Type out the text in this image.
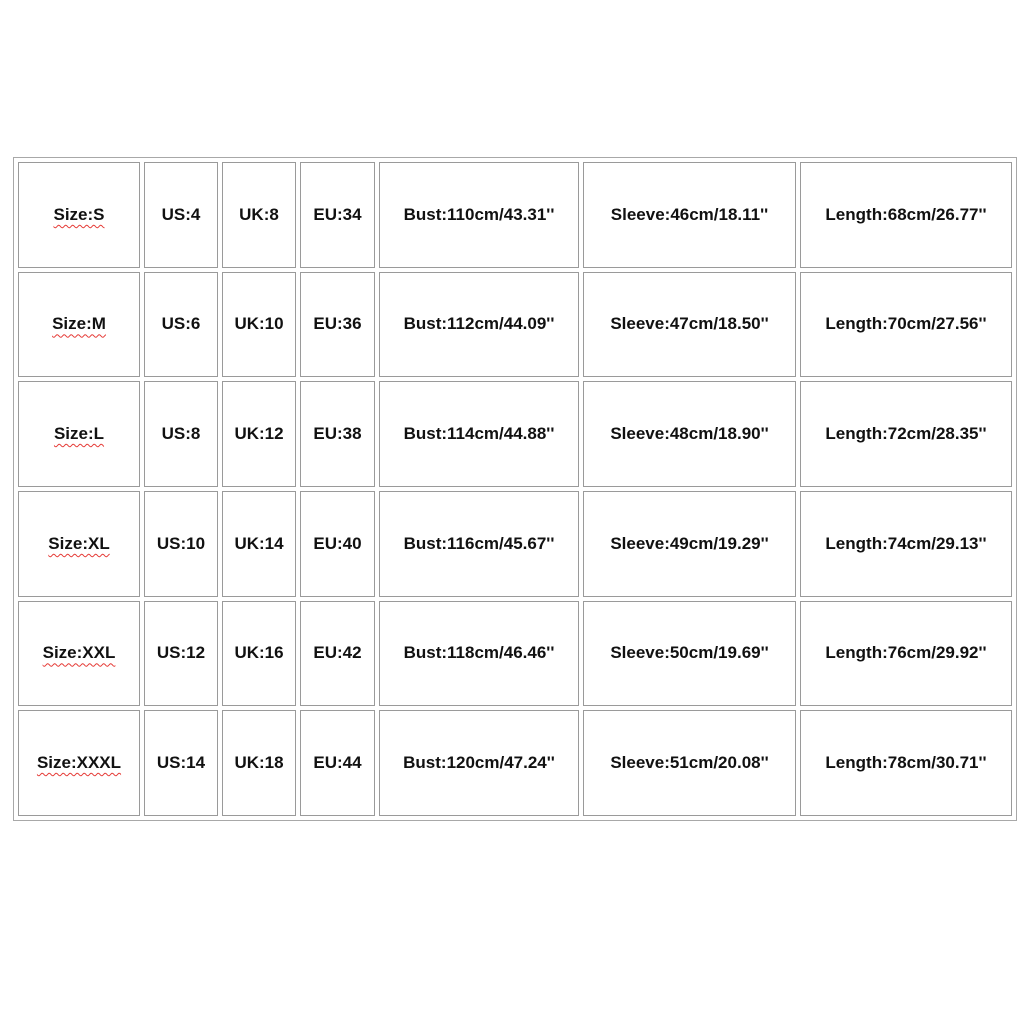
Size:S	US:4	UK:8	EU:34	Bust:110cm/43.31''	Sleeve:46cm/18.11''	Length:68cm/26.77''
Size:M	US:6	UK:10	EU:36	Bust:112cm/44.09''	Sleeve:47cm/18.50''	Length:70cm/27.56''
Size:L	US:8	UK:12	EU:38	Bust:114cm/44.88''	Sleeve:48cm/18.90''	Length:72cm/28.35''
Size:XL	US:10	UK:14	EU:40	Bust:116cm/45.67''	Sleeve:49cm/19.29''	Length:74cm/29.13''
Size:XXL	US:12	UK:16	EU:42	Bust:118cm/46.46''	Sleeve:50cm/19.69''	Length:76cm/29.92''
Size:XXXL	US:14	UK:18	EU:44	Bust:120cm/47.24''	Sleeve:51cm/20.08''	Length:78cm/30.71''
